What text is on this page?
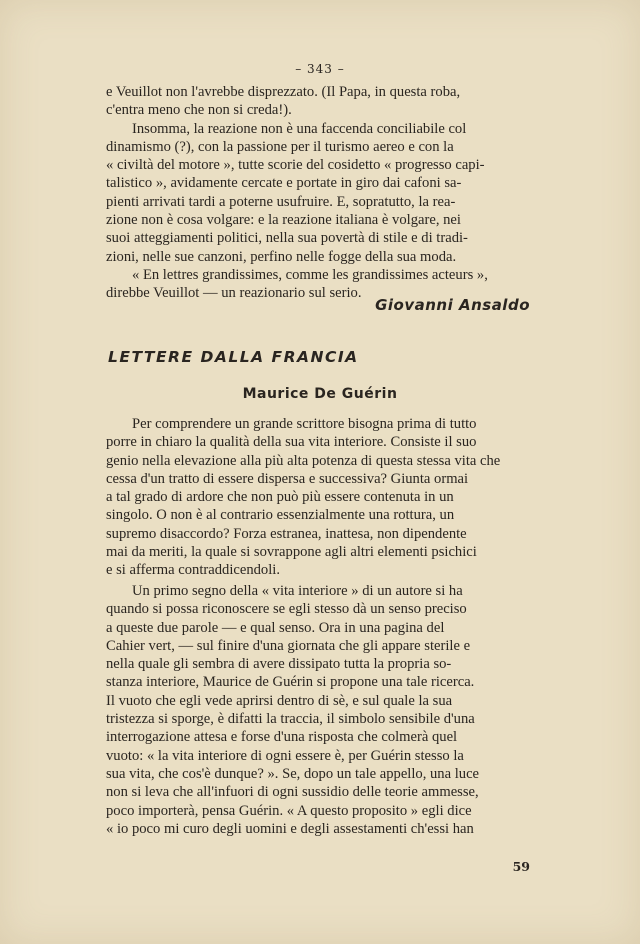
– 343 –

e Veuillot non l'avrebbe disprezzato. (Il Papa, in questa roba,

c'entra meno che non si creda!).

Insomma, la reazione non è una faccenda conciliabile col

dinamismo (?), con la passione per il turismo aereo e con la

« civiltà del motore », tutte scorie del cosidetto « progresso capi-

talistico », avidamente cercate e portate in giro dai cafoni sa-

pienti arrivati tardi a poterne usufruire. E, sopratutto, la rea-

zione non è cosa volgare: e la reazione italiana è volgare, nei

suoi atteggiamenti politici, nella sua povertà di stile e di tradi-

zioni, nelle sue canzoni, perfino nelle fogge della sua moda.

« En lettres grandissimes, comme les grandissimes acteurs »,

direbbe Veuillot — un reazionario sul serio.

Giovanni Ansaldo
LETTERE DALLA FRANCIA
Maurice De Guérin

Per comprendere un grande scrittore bisogna prima di tutto

porre in chiaro la qualità della sua vita interiore. Consiste il suo

genio nella elevazione alla più alta potenza di questa stessa vita che

cessa d'un tratto di essere dispersa e successiva? Giunta ormai

a tal grado di ardore che non può più essere contenuta in un

singolo. O non è al contrario essenzialmente una rottura, un

supremo disaccordo? Forza estranea, inattesa, non dipendente

mai da meriti, la quale si sovrappone agli altri elementi psichici

e si afferma contraddicendoli.

Un primo segno della « vita interiore » di un autore si ha

quando si possa riconoscere se egli stesso dà un senso preciso

a queste due parole — e qual senso. Ora in una pagina del

Cahier vert, — sul finire d'una giornata che gli appare sterile e

nella quale gli sembra di avere dissipato tutta la propria so-

stanza interiore, Maurice de Guérin si propone una tale ricerca.

Il vuoto che egli vede aprirsi dentro di sè, e sul quale la sua

tristezza si sporge, è difatti la traccia, il simbolo sensibile d'una

interrogazione attesa e forse d'una risposta che colmerà quel

vuoto: « la vita interiore di ogni essere è, per Guérin stesso la

sua vita, che cos'è dunque? ». Se, dopo un tale appello, una luce

non si leva che all'infuori di ogni sussidio delle teorie ammesse,

poco importerà, pensa Guérin. « A questo proposito » egli dice

« io poco mi curo degli uomini e degli assestamenti ch'essi han

59
